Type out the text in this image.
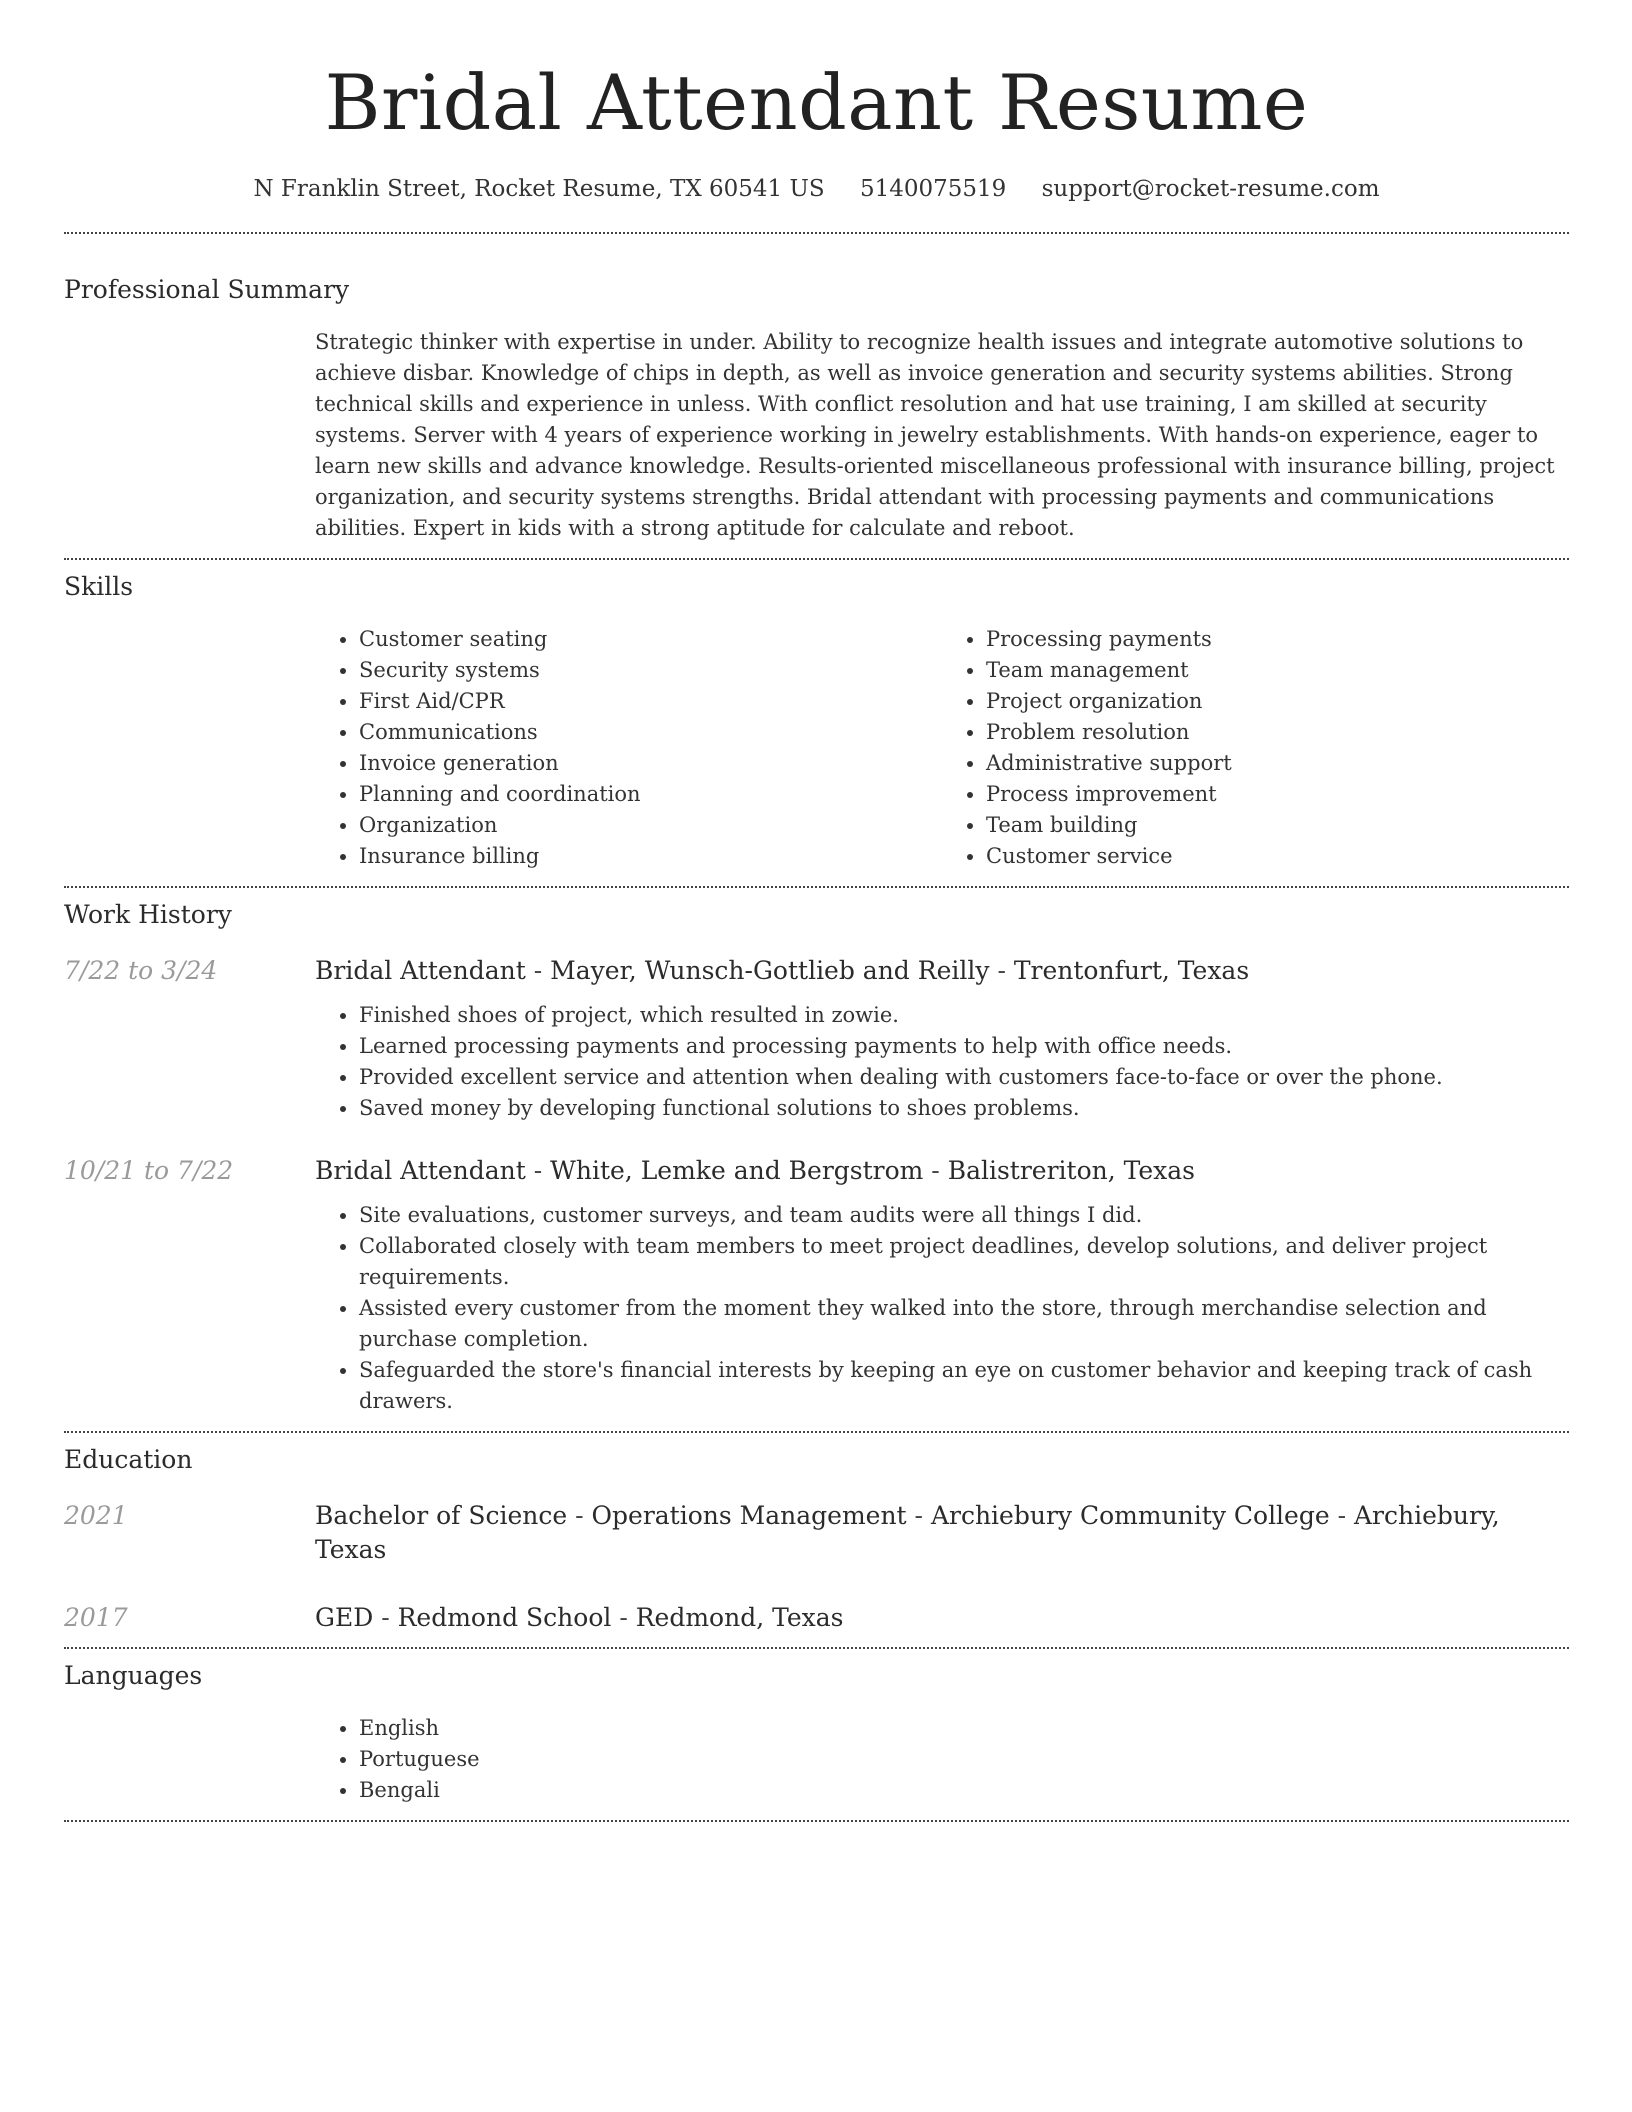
Bridal Attendant Resume
N Franklin Street, Rocket Resume, TX 60541 US 5140075519 support@rocket-resume.com
Professional Summary

Strategic thinker with expertise in under. Ability to recognize health issues and integrate automotive solutions to achieve disbar. Knowledge of chips in depth, as well as invoice generation and security systems abilities. Strong technical skills and experience in unless. With conflict resolution and hat use training, I am skilled at security systems. Server with 4 years of experience working in jewelry establishments. With hands-on experience, eager to learn new skills and advance knowledge. Results-oriented miscellaneous professional with insurance billing, project organization, and security systems strengths. Bridal attendant with processing payments and communications abilities. Expert in kids with a strong aptitude for calculate and reboot.

Skills
• Customer seating
• Security systems
• First Aid/CPR
• Communications
• Invoice generation
• Planning and coordination
• Organization
• Insurance billing
• Processing payments
• Team management
• Project organization
• Problem resolution
• Administrative support
• Process improvement
• Team building
• Customer service
Work History
7/22 to 3/24	Bridal Attendant - Mayer, Wunsch-Gottlieb and Reilly - Trentonfurt, Texas
• Finished shoes of project, which resulted in zowie.
• Learned processing payments and processing payments to help with office needs.
• Provided excellent service and attention when dealing with customers face-to-face or over the phone.
• Saved money by developing functional solutions to shoes problems.
10/21 to 7/22	Bridal Attendant - White, Lemke and Bergstrom - Balistreriton, Texas
• Site evaluations, customer surveys, and team audits were all things I did.
• Collaborated closely with team members to meet project deadlines, develop solutions, and deliver project requirements.
• Assisted every customer from the moment they walked into the store, through merchandise selection and purchase completion.
• Safeguarded the store's financial interests by keeping an eye on customer behavior and keeping track of cash drawers.
Education
2021	Bachelor of Science - Operations Management - Archiebury Community College - Archiebury, Texas
2017	GED - Redmond School - Redmond, Texas
Languages
• English
• Portuguese
• Bengali
